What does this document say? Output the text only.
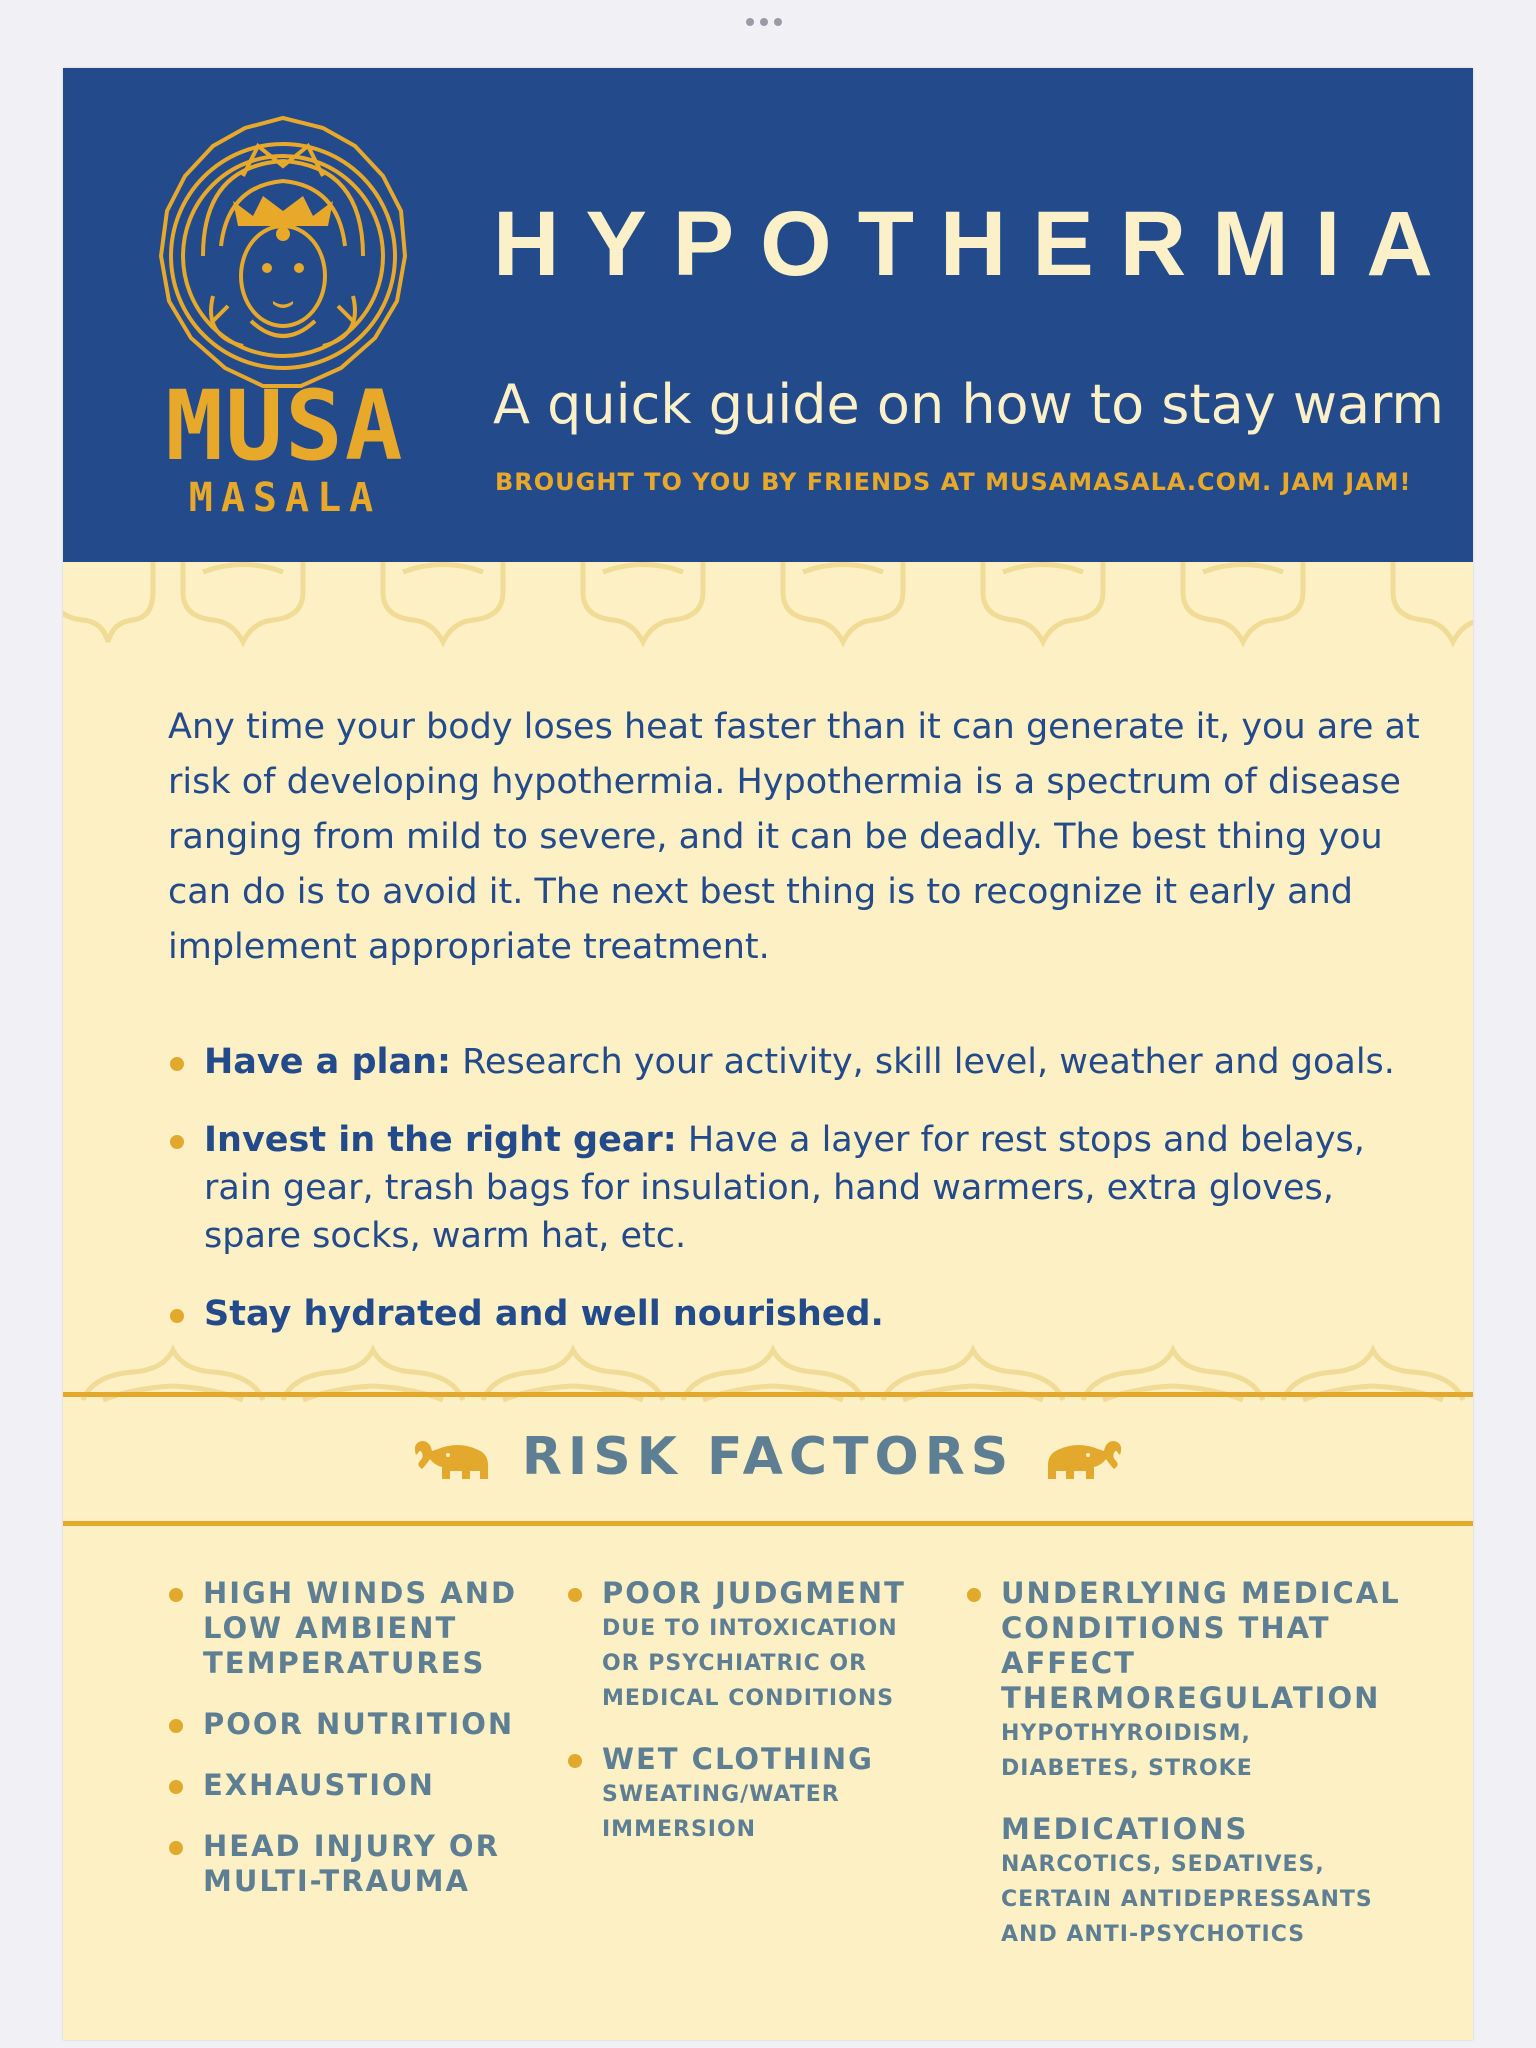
MUSA
MASALA
HYPOTHERMIA
A quick guide on how to stay warm
BROUGHT TO YOU BY FRIENDS AT MUSAMASALA.COM. JAM JAM!

Any time your body loses heat faster than it can generate it, you are at risk of developing hypothermia. Hypothermia is a spectrum of disease ranging from mild to severe, and it can be deadly. The best thing you can do is to avoid it. The next best thing is to recognize it early and implement appropriate treatment.

Have a plan: Research your activity, skill level, weather and goals.
Invest in the right gear: Have a layer for rest stops and belays, rain gear, trash bags for insulation, hand warmers, extra gloves, spare socks, warm hat, etc.
Stay hydrated and well nourished.
RISK FACTORS
HIGH WINDS AND LOW AMBIENT TEMPERATURES
POOR NUTRITION
EXHAUSTION
HEAD INJURY OR MULTI-TRAUMA
POOR JUDGMENT
DUE TO INTOXICATION OR PSYCHIATRIC OR MEDICAL CONDITIONS
WET CLOTHING
SWEATING/WATER IMMERSION
UNDERLYING MEDICAL CONDITIONS THAT AFFECT THERMOREGULATION
HYPOTHYROIDISM, DIABETES, STROKE
MEDICATIONS
NARCOTICS, SEDATIVES, CERTAIN ANTIDEPRESSANTS AND ANTI-PSYCHOTICS
